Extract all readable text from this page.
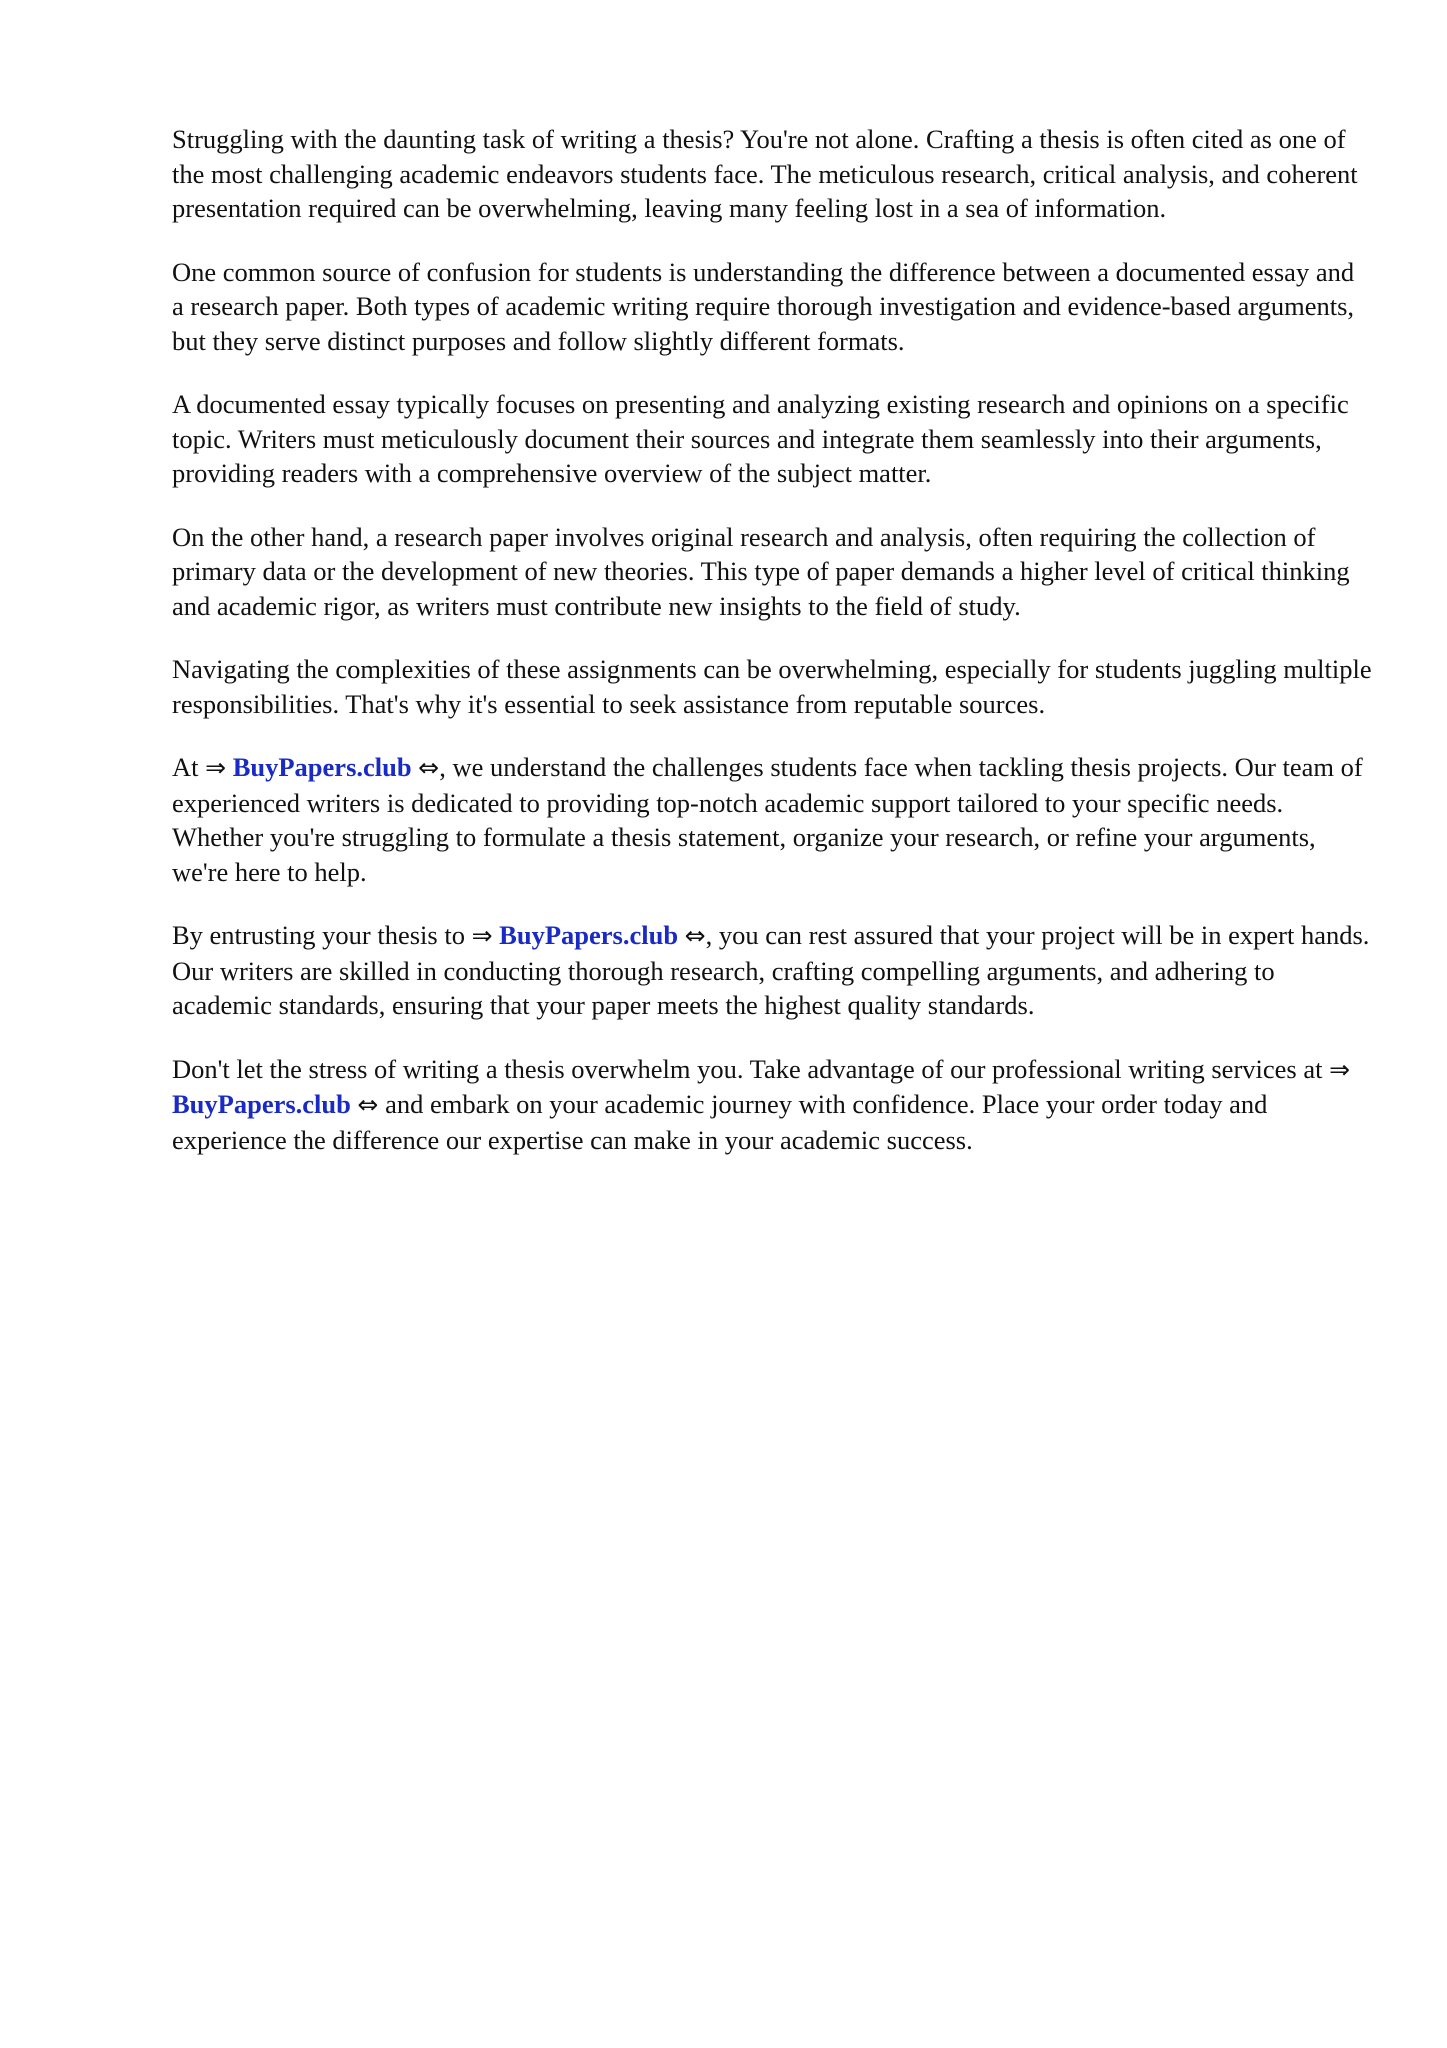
Struggling with the daunting task of writing a thesis? You're not alone. Crafting a thesis is often cited as one of the most challenging academic endeavors students face. The meticulous research, critical analysis, and coherent presentation required can be overwhelming, leaving many feeling lost in a sea of information.

One common source of confusion for students is understanding the difference between a documented essay and a research paper. Both types of academic writing require thorough investigation and evidence-based arguments, but they serve distinct purposes and follow slightly different formats.

A documented essay typically focuses on presenting and analyzing existing research and opinions on a specific topic. Writers must meticulously document their sources and integrate them seamlessly into their arguments, providing readers with a comprehensive overview of the subject matter.

On the other hand, a research paper involves original research and analysis, often requiring the collection of primary data or the development of new theories. This type of paper demands a higher level of critical thinking and academic rigor, as writers must contribute new insights to the field of study.

Navigating the complexities of these assignments can be overwhelming, especially for students juggling multiple responsibilities. That's why it's essential to seek assistance from reputable sources.

At ⇒ BuyPapers.club ⇔, we understand the challenges students face when tackling thesis projects. Our team of experienced writers is dedicated to providing top-notch academic support tailored to your specific needs. Whether you're struggling to formulate a thesis statement, organize your research, or refine your arguments, we're here to help.

By entrusting your thesis to ⇒ BuyPapers.club ⇔, you can rest assured that your project will be in expert hands. Our writers are skilled in conducting thorough research, crafting compelling arguments, and adhering to academic standards, ensuring that your paper meets the highest quality standards.

Don't let the stress of writing a thesis overwhelm you. Take advantage of our professional writing services at ⇒ BuyPapers.club ⇔ and embark on your academic journey with confidence. Place your order today and experience the difference our expertise can make in your academic success.
